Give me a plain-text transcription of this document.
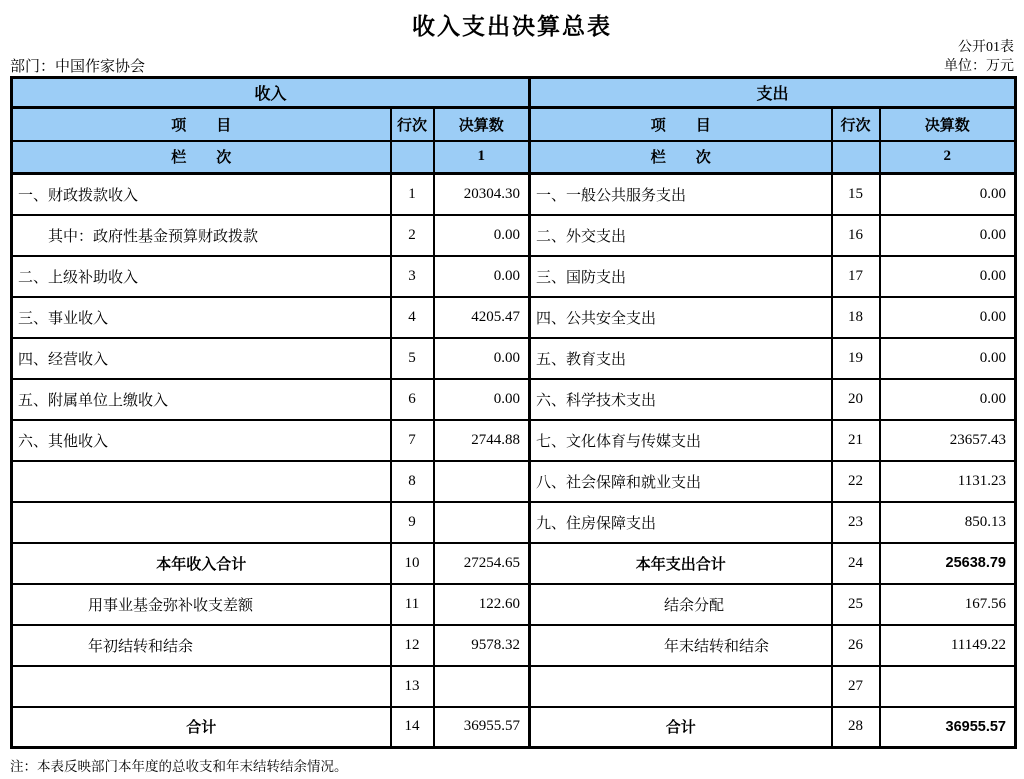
收入支出决算总表
公开01表
单位：万元
部门：中国作家协会
收入			支出		
项　　目	行次	决算数	项　　目	行次	决算数
栏　　次		1	栏　　次		2
一、财政拨款收入	1	20304.30	一、一般公共服务支出	15	0.00
其中：政府性基金预算财政拨款	2	0.00	二、外交支出	16	0.00
二、上级补助收入	3	0.00	三、国防支出	17	0.00
三、事业收入	4	4205.47	四、公共安全支出	18	0.00
四、经营收入	5	0.00	五、教育支出	19	0.00
五、附属单位上缴收入	6	0.00	六、科学技术支出	20	0.00
六、其他收入	7	2744.88	七、文化体育与传媒支出	21	23657.43
	8		八、社会保障和就业支出	22	1131.23
	9		九、住房保障支出	23	850.13
本年收入合计	10	27254.65	本年支出合计	24	25638.79
用事业基金弥补收支差额	11	122.60	结余分配	25	167.56
年初结转和结余	12	9578.32	年末结转和结余	26	11149.22
	13			27	
合计	14	36955.57	合计	28	36955.57
注：本表反映部门本年度的总收支和年末结转结余情况。
